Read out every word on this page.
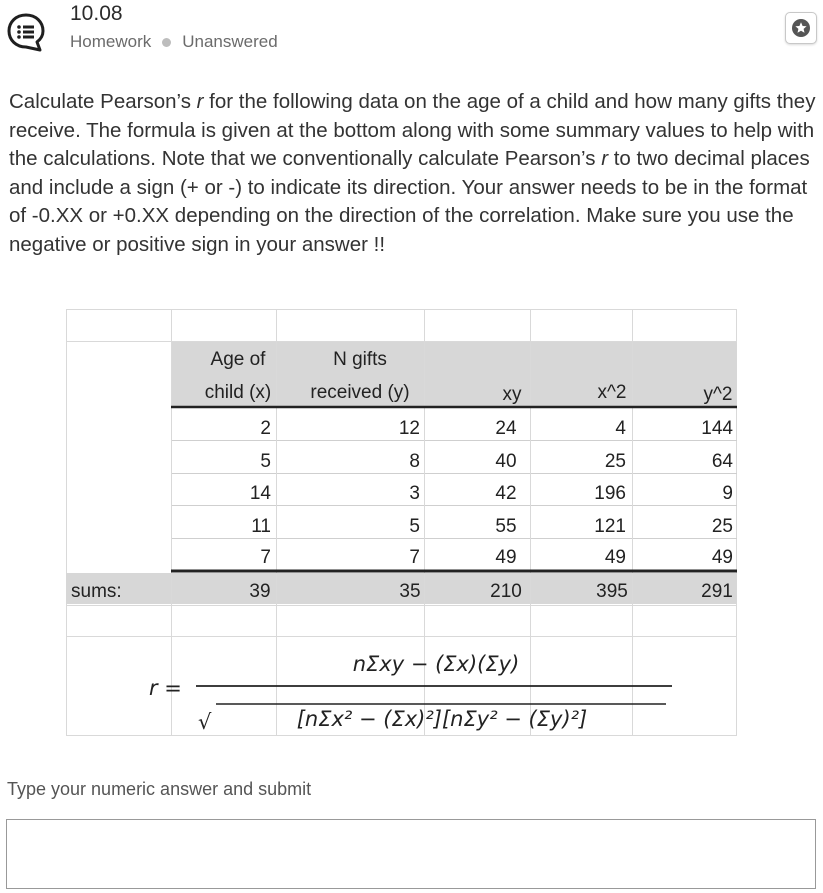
10.08
Homework Unanswered

Calculate Pearson’s r for the following data on the age of a child and how many gifts they receive. The formula is given at the bottom along with some summary values to help with the calculations. Note that we conventionally calculate Pearson’s r to two decimal places and include a sign (+ or -) to indicate its direction. Your answer needs to be in the format of -0.XX or +0.XX depending on the direction of the correlation. Make sure you use the negative or positive sign in your answer !!

Age of
child (x)
N gifts
received (y)	xy	x^2	y^2
2	12	24	4	144
5	8	40	25	64
14	3	42	196	9
11	5	55	121	25
7	7	49	49	49
sums:	39	35	210	395	291
r =
nΣxy − (Σx)(Σy)
√	[nΣx² − (Σx)²][nΣy² − (Σy)²]
Type your numeric answer and submit
